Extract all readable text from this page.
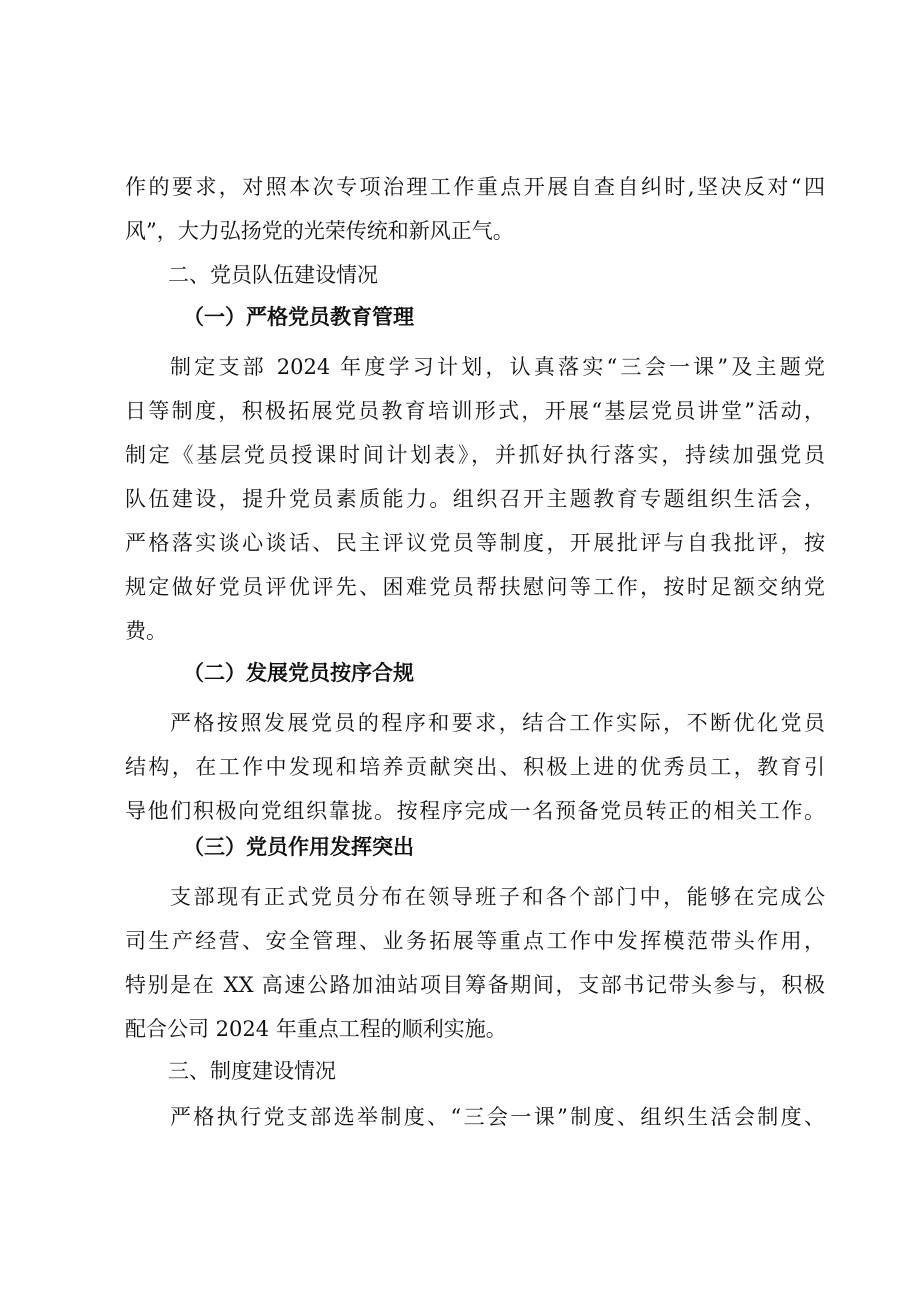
作的要求，对照本次专项治理工作重点开展自查自纠时,坚决反对“四
风”，大力弘扬党的光荣传统和新风正气。
二、党员队伍建设情况
（一）严格党员教育管理
制定支部 2024 年度学习计划，认真落实“三会一课”及主题党
日等制度，积极拓展党员教育培训形式，开展“基层党员讲堂”活动，
制定《基层党员授课时间计划表》，并抓好执行落实，持续加强党员
队伍建设，提升党员素质能力。组织召开主题教育专题组织生活会，
严格落实谈心谈话、民主评议党员等制度，开展批评与自我批评，按
规定做好党员评优评先、困难党员帮扶慰问等工作，按时足额交纳党
费。
（二）发展党员按序合规
严格按照发展党员的程序和要求，结合工作实际，不断优化党员
结构，在工作中发现和培养贡献突出、积极上进的优秀员工，教育引
导他们积极向党组织靠拢。按程序完成一名预备党员转正的相关工作。
（三）党员作用发挥突出
支部现有正式党员分布在领导班子和各个部门中，能够在完成公
司生产经营、安全管理、业务拓展等重点工作中发挥模范带头作用，
特别是在 XX 高速公路加油站项目筹备期间，支部书记带头参与，积极
配合公司 2024 年重点工程的顺利实施。
三、制度建设情况
严格执行党支部选举制度、“三会一课”制度、组织生活会制度、
